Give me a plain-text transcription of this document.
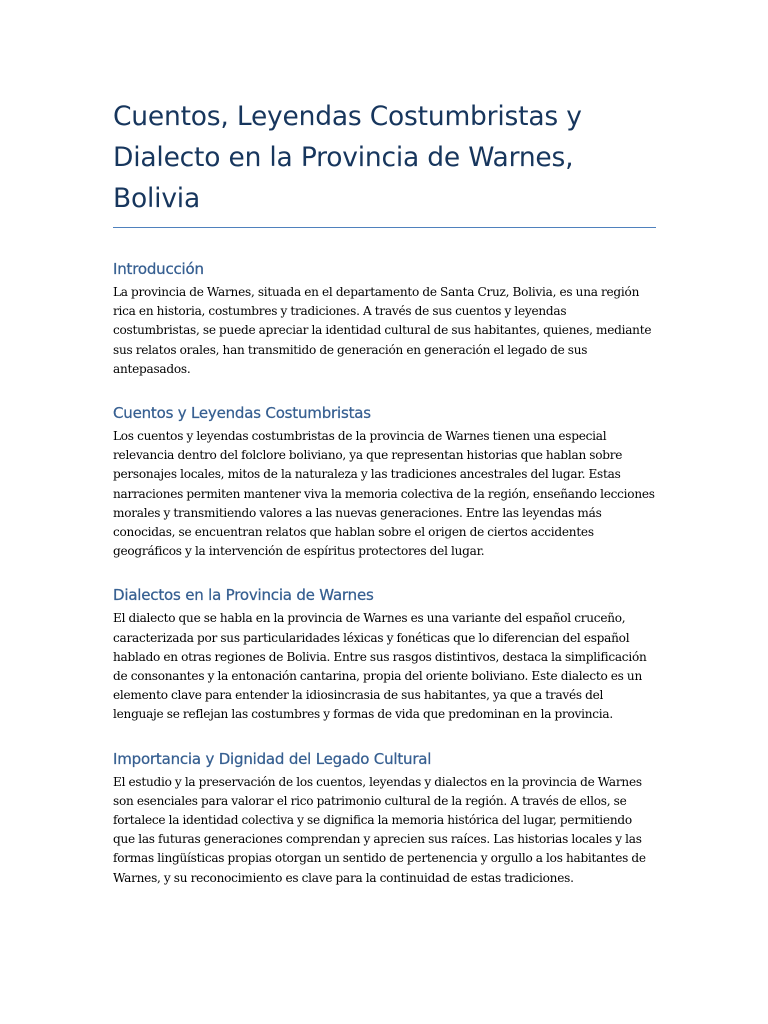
Cuentos, Leyendas Costumbristas y Dialecto en la Provincia de Warnes, Bolivia
Introducción

La provincia de Warnes, situada en el departamento de Santa Cruz, Bolivia, es una región rica en historia, costumbres y tradiciones. A través de sus cuentos y leyendas costumbristas, se puede apreciar la identidad cultural de sus habitantes, quienes, mediante sus relatos orales, han transmitido de generación en generación el legado de sus antepasados.

Cuentos y Leyendas Costumbristas

Los cuentos y leyendas costumbristas de la provincia de Warnes tienen una especial relevancia dentro del folclore boliviano, ya que representan historias que hablan sobre personajes locales, mitos de la naturaleza y las tradiciones ancestrales del lugar. Estas narraciones permiten mantener viva la memoria colectiva de la región, enseñando lecciones morales y transmitiendo valores a las nuevas generaciones. Entre las leyendas más conocidas, se encuentran relatos que hablan sobre el origen de ciertos accidentes geográficos y la intervención de espíritus protectores del lugar.

Dialectos en la Provincia de Warnes

El dialecto que se habla en la provincia de Warnes es una variante del español cruceño, caracterizada por sus particularidades léxicas y fonéticas que lo diferencian del español hablado en otras regiones de Bolivia. Entre sus rasgos distintivos, destaca la simplificación de consonantes y la entonación cantarina, propia del oriente boliviano. Este dialecto es un elemento clave para entender la idiosincrasia de sus habitantes, ya que a través del lenguaje se reflejan las costumbres y formas de vida que predominan en la provincia.

Importancia y Dignidad del Legado Cultural

El estudio y la preservación de los cuentos, leyendas y dialectos en la provincia de Warnes son esenciales para valorar el rico patrimonio cultural de la región. A través de ellos, se fortalece la identidad colectiva y se dignifica la memoria histórica del lugar, permitiendo que las futuras generaciones comprendan y aprecien sus raíces. Las historias locales y las formas lingüísticas propias otorgan un sentido de pertenencia y orgullo a los habitantes de Warnes, y su reconocimiento es clave para la continuidad de estas tradiciones.
